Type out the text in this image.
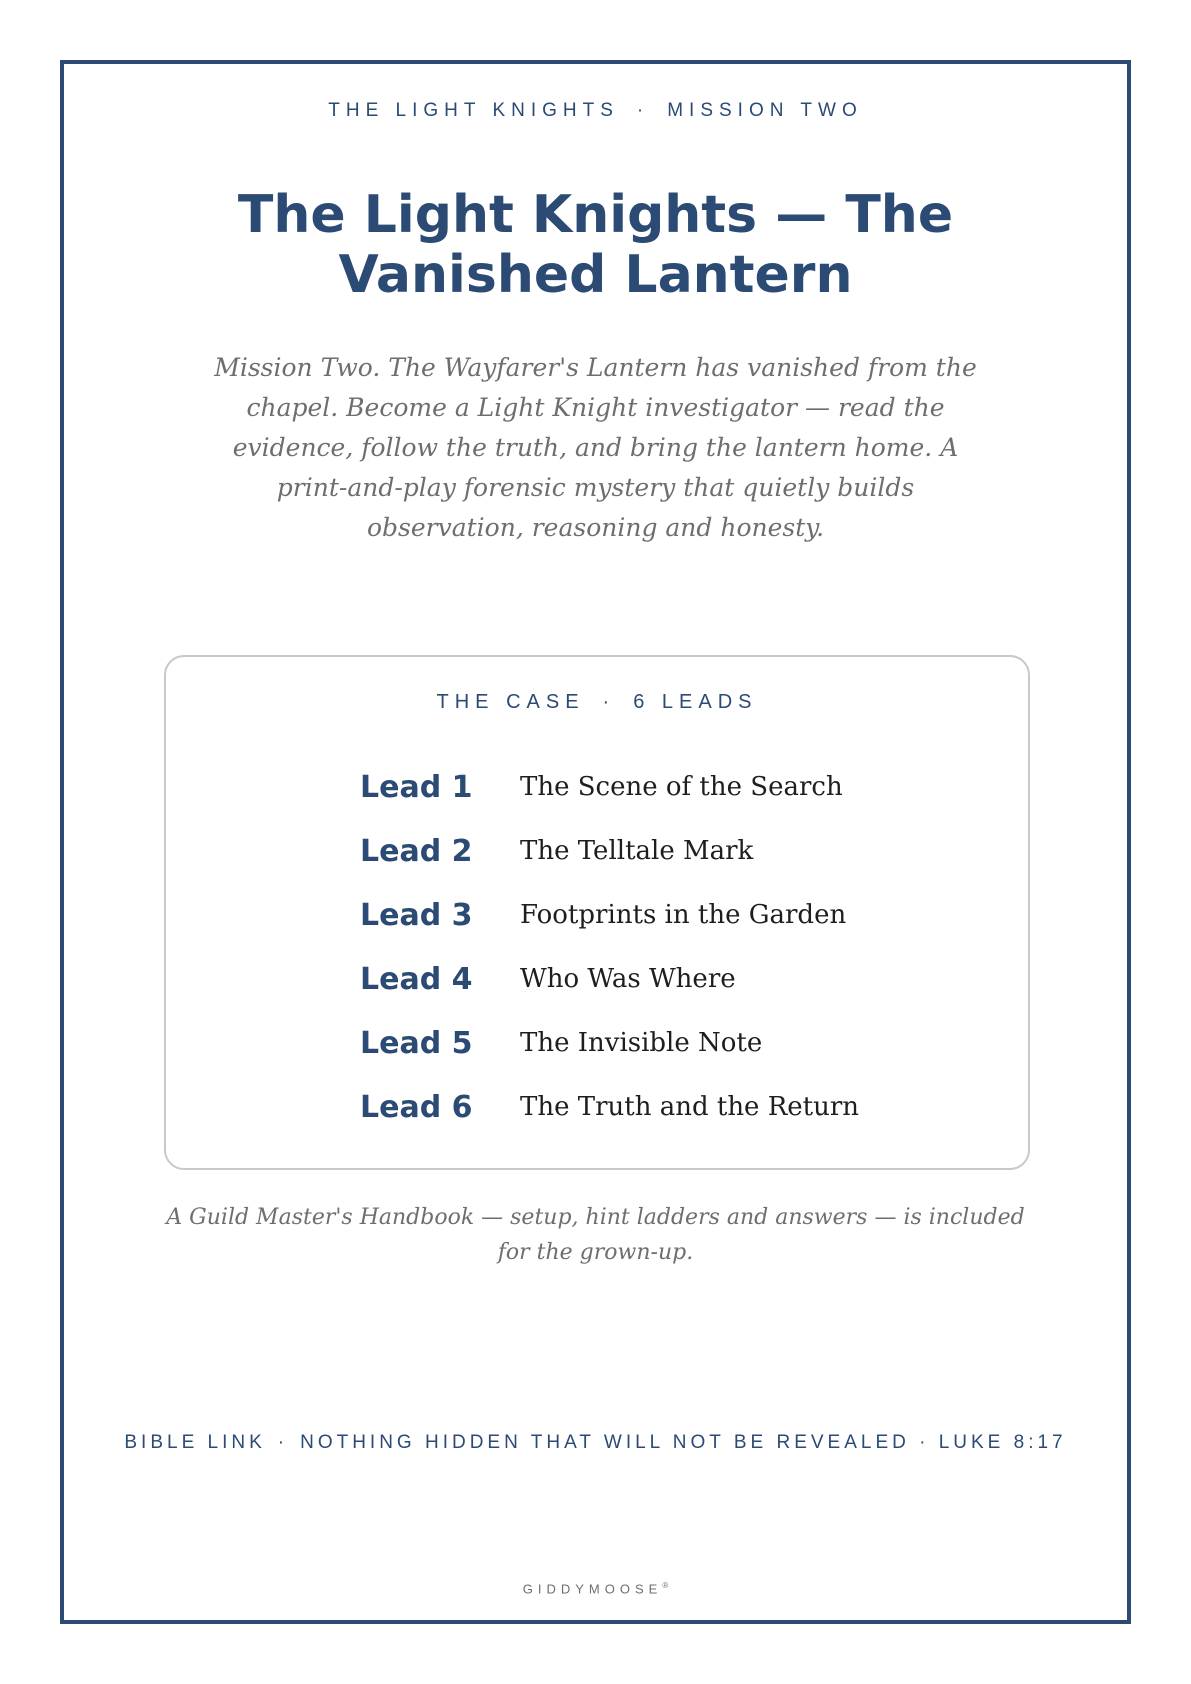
THE LIGHT KNIGHTS · MISSION TWO
The Light Knights — The Vanished Lantern

Mission Two. The Wayfarer's Lantern has vanished from the chapel. Become a Light Knight investigator — read the evidence, follow the truth, and bring the lantern home. A print-and-play forensic mystery that quietly builds observation, reasoning and honesty.

THE CASE · 6 LEADS
Lead 1	The Scene of the Search
Lead 2	The Telltale Mark
Lead 3	Footprints in the Garden
Lead 4	Who Was Where
Lead 5	The Invisible Note
Lead 6	The Truth and the Return

A Guild Master's Handbook — setup, hint ladders and answers — is included for the grown-up.

BIBLE LINK · NOTHING HIDDEN THAT WILL NOT BE REVEALED · LUKE 8:17
GIDDYMOOSE®
